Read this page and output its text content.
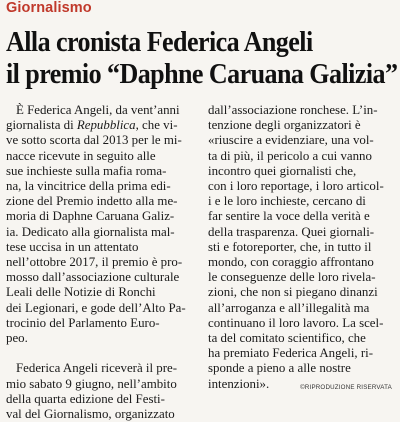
Giornalismo
Alla cronista Federica Angeli
il premio “Daphne Caruana Galizia”
È Federica Angeli, da vent’anni
giornalista di Repubblica, che vi-
ve sotto scorta dal 2013 per le mi-
nacce ricevute in seguito alle
sue inchieste sulla mafia roma-
na, la vincitrice della prima edi-
zione del Premio indetto alla me-
moria di Daphne Caruana Galiz-
ia. Dedicato alla giornalista mal-
tese uccisa in un attentato
nell’ottobre 2017, il premio è pro-
mosso dall’associazione culturale
Leali delle Notizie di Ronchi
dei Legionari, e gode dell’Alto Pa-
trocinio del Parlamento Euro-
peo.
Federica Angeli riceverà il pre-
mio sabato 9 giugno, nell’ambito
della quarta edizione del Festi-
val del Giornalismo, organizzato
dall’associazione ronchese. L’in-
tenzione degli organizzatori è
«riuscire a evidenziare, una vol-
ta di più, il pericolo a cui vanno
incontro quei giornalisti che,
con i loro reportage, i loro articol-
i e le loro inchieste, cercano di
far sentire la voce della verità e
della trasparenza. Quei giornali-
sti e fotoreporter, che, in tutto il
mondo, con coraggio affrontano
le conseguenze delle loro rivela-
zioni, che non si piegano dinanzi
all’arroganza e all’illegalità ma
continuano il loro lavoro. La scel-
ta del comitato scientifico, che
ha premiato Federica Angeli, ri-
sponde a pieno a alle nostre
intenzioni».	©RIPRODUZIONE RISERVATA
